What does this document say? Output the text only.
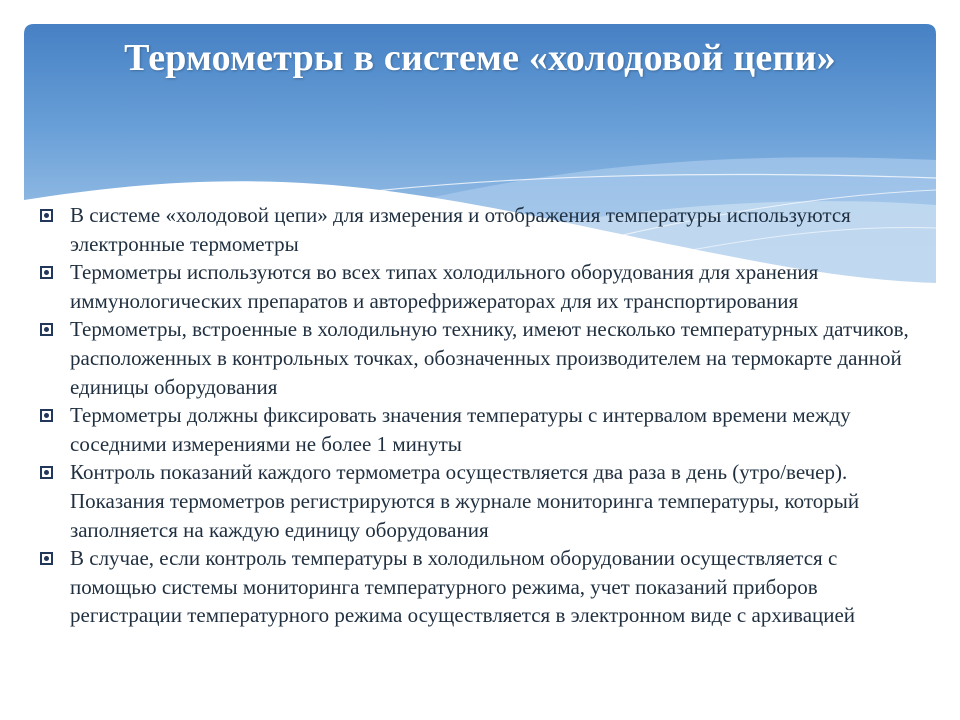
Термометры в системе «холодовой цепи»
В системе «холодовой цепи» для измерения и отображения температуры используются электронные термометры
Термометры используются во всех типах холодильного оборудования для хранения иммунологических препаратов и авторефрижераторах для их транспортирования
Термометры, встроенные в холодильную технику, имеют несколько температурных датчиков, расположенных в контрольных точках, обозначенных производителем на термокарте данной единицы оборудования
Термометры должны фиксировать значения температуры с интервалом времени между соседними измерениями не более 1 минуты
Контроль показаний каждого термометра осуществляется два раза в день (утро/вечер). Показания термометров регистрируются в журнале мониторинга температуры, который заполняется на каждую единицу оборудования
В случае, если контроль температуры в холодильном оборудовании осуществляется с помощью системы мониторинга температурного режима, учет показаний приборов регистрации температурного режима осуществляется в электронном виде с архивацией
